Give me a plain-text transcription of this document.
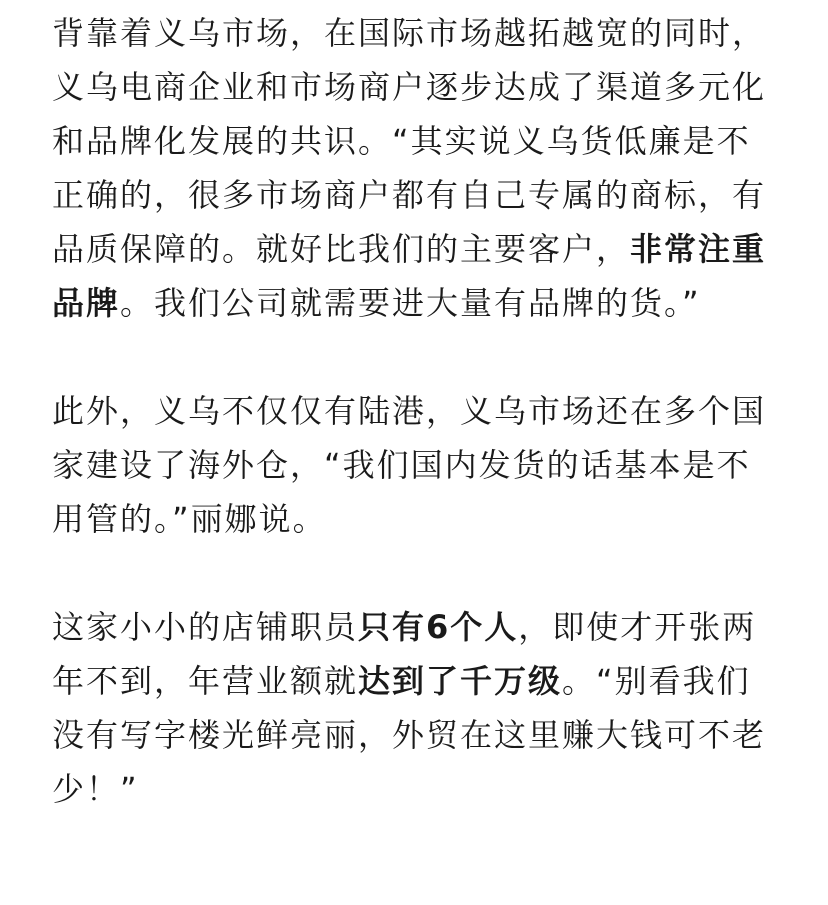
背靠着义乌市场，在国际市场越拓越宽的同时，义乌电商企业和市场商户逐步达成了渠道多元化和品牌化发展的共识。“其实说义乌货低廉是不正确的，很多市场商户都有自己专属的商标，有品质保障的。就好比我们的主要客户，非常注重品牌。我们公司就需要进大量有品牌的货。”

此外，义乌不仅仅有陆港，义乌市场还在多个国家建设了海外仓，“我们国内发货的话基本是不用管的。”丽娜说。

这家小小的店铺职员只有6个人，即使才开张两年不到，年营业额就达到了千万级。“别看我们没有写字楼光鲜亮丽，外贸在这里赚大钱可不老少！”
